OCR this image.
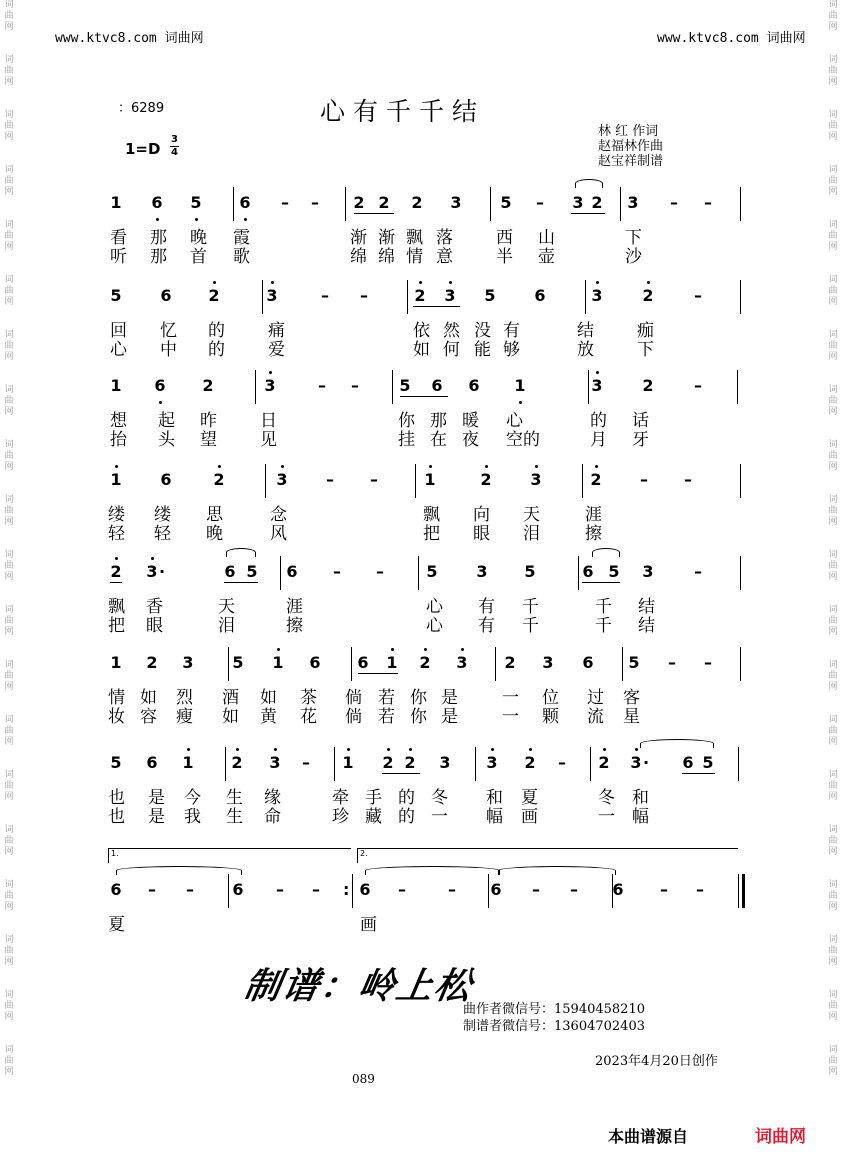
词
曲
网
词
曲
网
词
曲
网
词
曲
网
词
曲
网
词
曲
网
词
曲
网
词
曲
网
词
曲
网
词
曲
网
词
曲
网
词
曲
网
词
曲
网
词
曲
网
词
曲
网
词
曲
网
词
曲
网
词
曲
网
词
曲
网
词
曲
网
词
曲
网
词
曲
网
词
曲
网
词
曲
网
词
曲
网
词
曲
网
词
曲
网
词
曲
网
词
曲
网
词
曲
网
词
曲
网
词
曲
网
词
曲
网
词
曲
网
词
曲
网
词
曲
网
词
曲
网
词
曲
网
词
曲
网
词
曲
网
www.ktvc8.com 词曲网	www.ktvc8.com 词曲网
：6289	心有千千结
1=D
3
4
林 红 作词
赵福林作曲
赵宝祥制谱
1 6 5 6 – – 2 2 2 3 5 – 3 2 3 – –
看 那 晚 霞	渐 渐 飘 落	西 山	下
听 那 首 歌	绵 绵 情 意	半 壶	沙
5 6 2	3	– –	2 3 5 6	3 2	–
回 忆 的	痛	依 然 没 有	结	痂
心 中 的	爱	如 何 能 够	放	下
1 6 2	3	– –	5 6 6 1	3 2	–
想 起 昨	日	你 那 暖 心	的 话
抬 头 望	见	挂 在 夜 空的	月 牙
1 6	2	3 – –	1	2 3	2 – –
缕 缕 思	念	飘 向 天	涯
轻 轻 晚	风	把 眼 泪	擦
2 3 ·	6 5 6 – –	5 3 5	6 5 3	–
飘 香	天	涯	心 有 千	千 结
把 眼	泪	擦	心 有 千	千 结
1 2 3 5 1 6 6 1 2 3 2 3 6 5 – –
情 如 烈 酒 如 茶 倘 若 你 是	一 位 过 客
妆 容 瘦 如 黄 花 倘 若 你 是	一 颗 流 星
5 6 1 2 3 – 1 2 2 3 3 2 – 2 3 · 6 5
也 是 今 生 缘	牵 手 的 冬 和 夏	冬 和
也 是 我 生 命	珍 藏 的 一 幅 画	一 幅
6 – – 6 – – 6 –	– 6 – – 6 – –
:
1.	2.
夏	画
制谱：岭上松
曲作者微信号：15940458210
制谱者微信号：13604702403
2023年4月20日创作
089
本曲谱源自	词曲网
